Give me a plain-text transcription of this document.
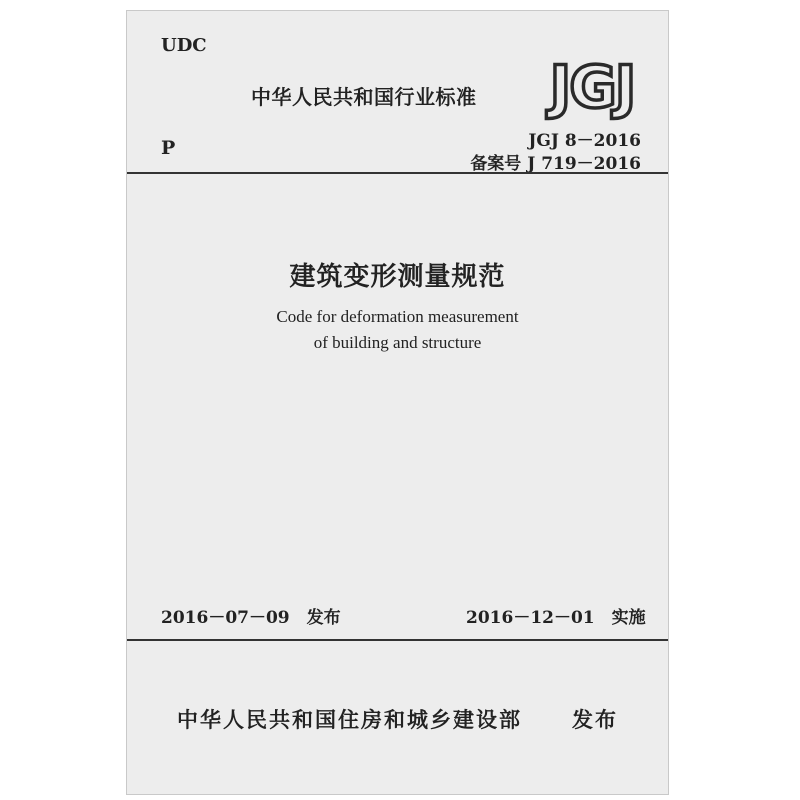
UDC
中华人民共和国行业标准 JGJ
P	JGJ 8－2016
备案号 J 719－2016
建筑变形测量规范
Code for deformation measurement
of building and structure
2016－07－09　发布	2016－12－01　实施
中华人民共和国住房和城乡建设部 发布
